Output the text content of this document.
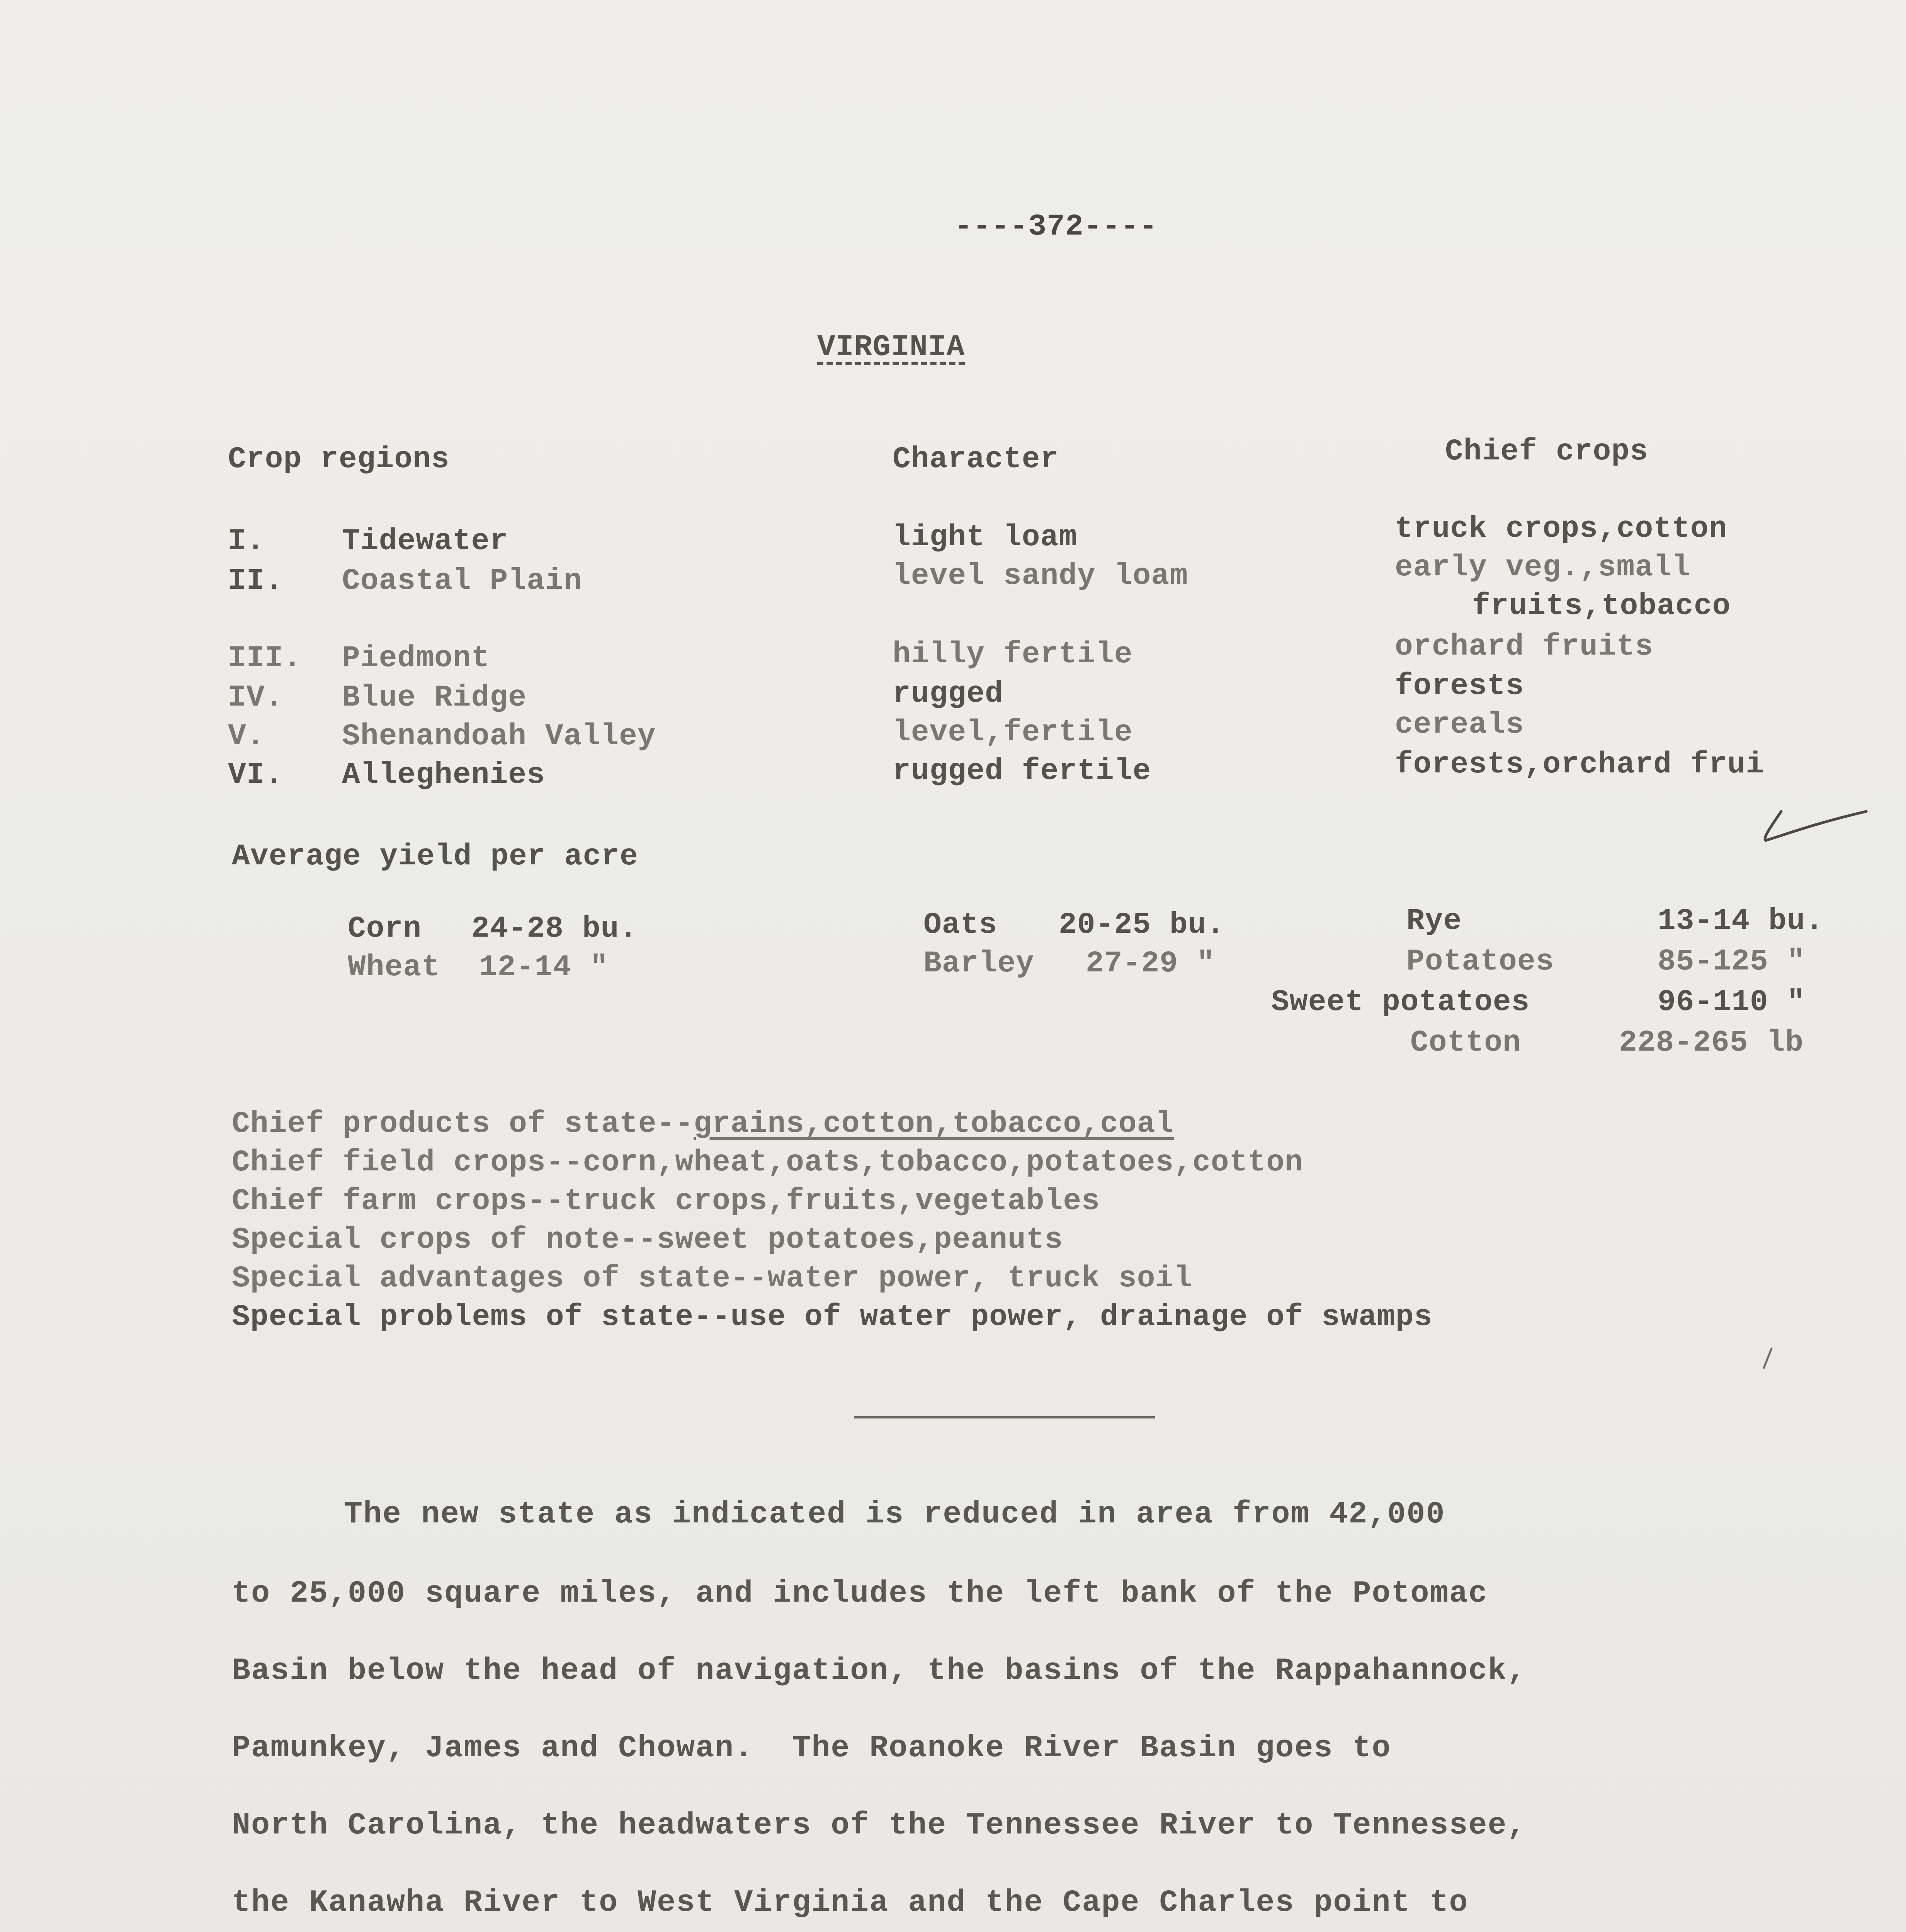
----372----
VIRGINIA
Crop regions	Character	Chief crops
I.	Tidewater	light loam	truck crops,cotton
II. Coastal Plain	level sandy loam	early veg.,small
fruits,tobacco
III. Piedmont	hilly fertile	orchard fruits
IV. Blue Ridge	rugged	forests
V.	Shenandoah Valley	level,fertile	cereals
VI. Alleghenies	rugged fertile	forests,orchard frui
Average yield per acre
Corn 24-28 bu.
Wheat 12-14 "
Oats 20-25 bu.
Barley 27-29 "
Rye	13-14 bu.
Potatoes	85-125 "
Sweet potatoes	96-110 "
Cotton	228-265 lb
Chief products of state--grains,cotton,tobacco,coal
Chief field crops--corn,wheat,oats,tobacco,potatoes,cotton
Chief farm crops--truck crops,fruits,vegetables
Special crops of note--sweet potatoes,peanuts
Special advantages of state--water power, truck soil
Special problems of state--use of water power, drainage of swamps
The new state as indicated is reduced in area from 42,000
to 25,000 square miles, and includes the left bank of the Potomac
Basin below the head of navigation, the basins of the Rappahannock,
Pamunkey, James and Chowan.  The Roanoke River Basin goes to
North Carolina, the headwaters of the Tennessee River to Tennessee,
the Kanawha River to West Virginia and the Cape Charles point to
